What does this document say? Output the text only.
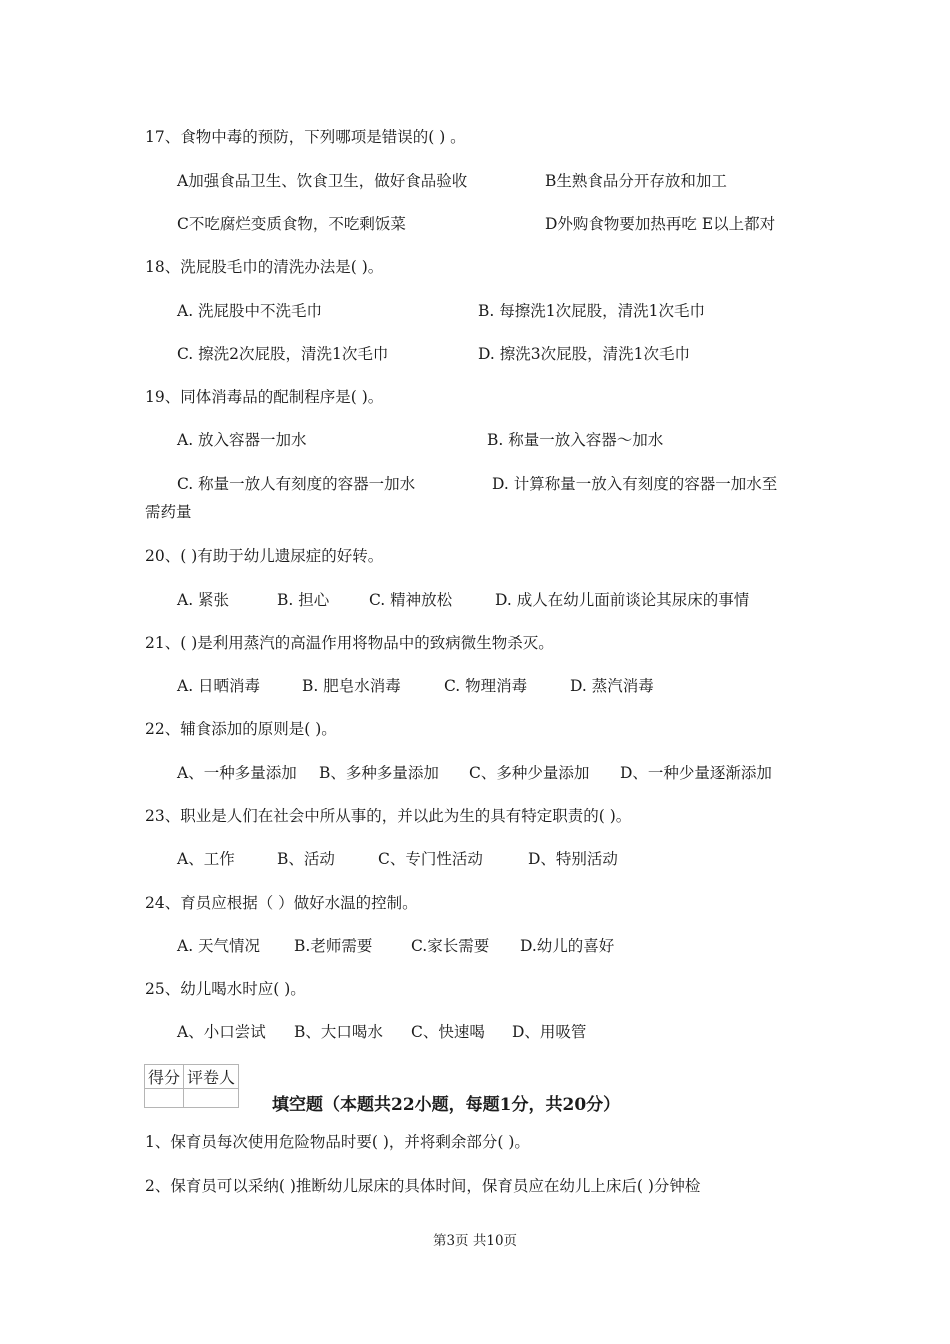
17、食物中毒的预防，下列哪项是错误的( ) 。
A加强食品卫生、饮食卫生，做好食品验收	B生熟食品分开存放和加工
C不吃腐烂变质食物，不吃剩饭菜	D外购食物要加热再吃 E以上都对
18、洗屁股毛巾的清洗办法是( )。
A. 洗屁股中不洗毛巾	B. 每擦洗1次屁股，清洗1次毛巾
C. 擦洗2次屁股，清洗1次毛巾	D. 擦洗3次屁股，清洗1次毛巾
19、同体消毒品的配制程序是( )。
A. 放入容器一加水	B. 称量一放入容器～加水
C. 称量一放人有刻度的容器一加水	D. 计算称量一放入有刻度的容器一加水至
需药量
20、( )有助于幼儿遗尿症的好转。
A. 紧张	B. 担心	C. 精神放松	D. 成人在幼儿面前谈论其尿床的事情
21、( )是利用蒸汽的高温作用将物品中的致病微生物杀灭。
A. 日晒消毒	B. 肥皂水消毒	C. 物理消毒	D. 蒸汽消毒
22、辅食添加的原则是( )。
A、一种多量添加 B、多种多量添加 C、多种少量添加 D、一种少量逐渐添加
23、职业是人们在社会中所从事的，并以此为生的具有特定职责的( )。
A、工作	B、活动	C、专门性活动	D、特别活动
24、育员应根据（ ）做好水温的控制。
A. 天气情况 B.老师需要 C.家长需要 D.幼儿的喜好
25、幼儿喝水时应( )。
A、小口尝试 B、大口喝水 C、快速喝 D、用吸管
得分	评卷人

填空题（本题共22小题，每题1分，共20分）
1、保育员每次使用危险物品时要( )，并将剩余部分( )。
2、保育员可以采纳( )推断幼儿尿床的具体时间，保育员应在幼儿上床后( )分钟检
第3页 共10页
